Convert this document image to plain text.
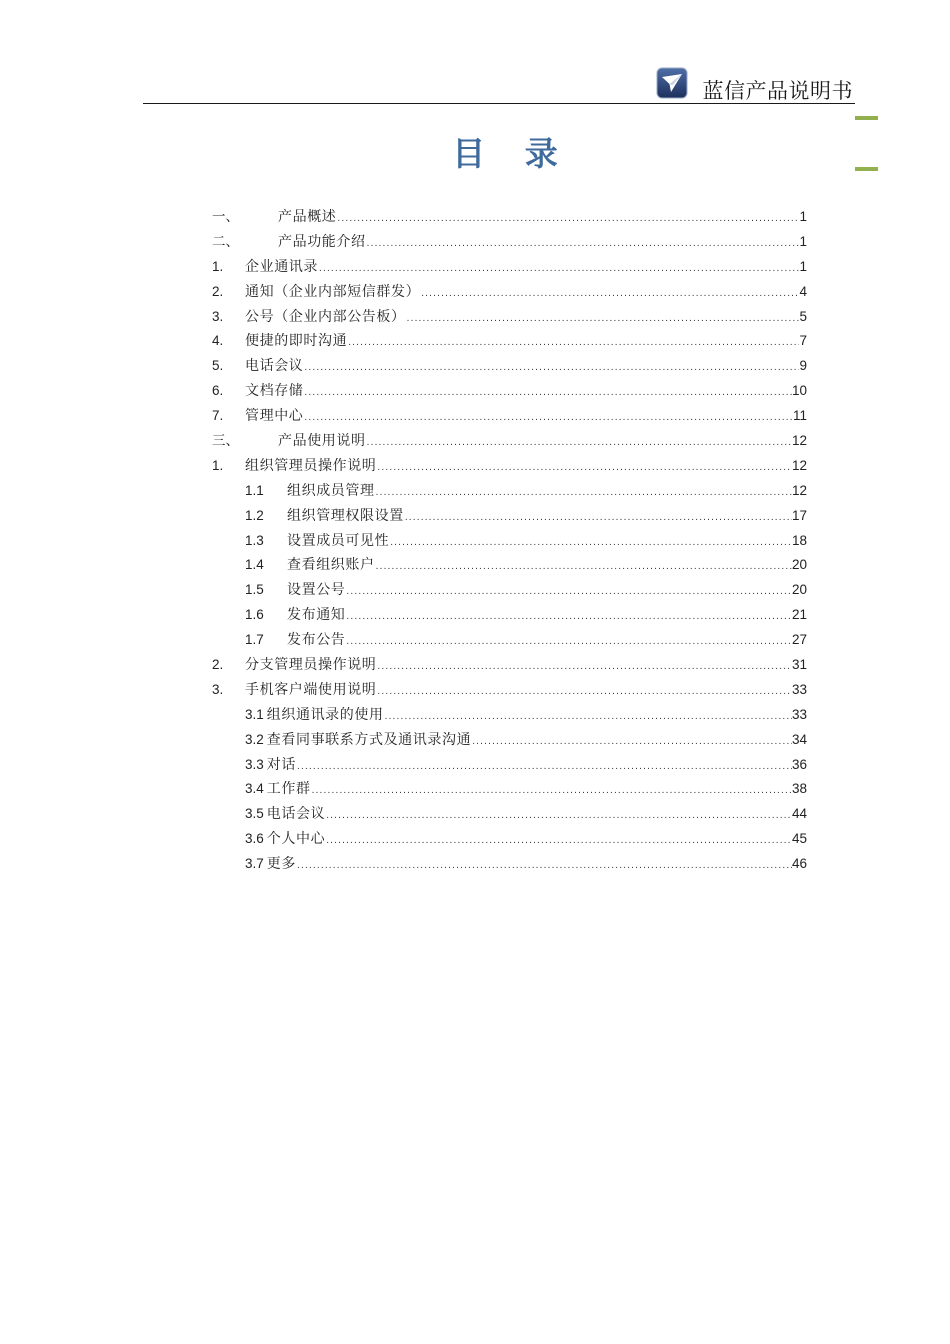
蓝信产品说明书
目 录
一、	产品概述 .....	1
二、	产品功能介绍 .....	1
1.	企业通讯录 .....	1
2.	通知（企业内部短信群发） .....	4
3.	公号（企业内部公告板） .....	5
4.	便捷的即时沟通 .....	7
5.	电话会议 .....	9
6.	文档存储 .....	10
7.	管理中心 .....	11
三、	产品使用说明 .....	12
1.	组织管理员操作说明 .....	12
1.1	组织成员管理 .....	12
1.2	组织管理权限设置 .....	17
1.3	设置成员可见性 .....	18
1.4	查看组织账户 .....	20
1.5	设置公号 .....	20
1.6	发布通知 .....	21
1.7	发布公告 .....	27
2.	分支管理员操作说明 .....	31
3.	手机客户端使用说明 .....	33
3.1 组织通讯录的使用 .....	33
3.2 查看同事联系方式及通讯录沟通 .....	34
3.3 对话 .....	36
3.4 工作群 .....	38
3.5 电话会议 .....	44
3.6 个人中心 .....	45
3.7 更多 .....	46
